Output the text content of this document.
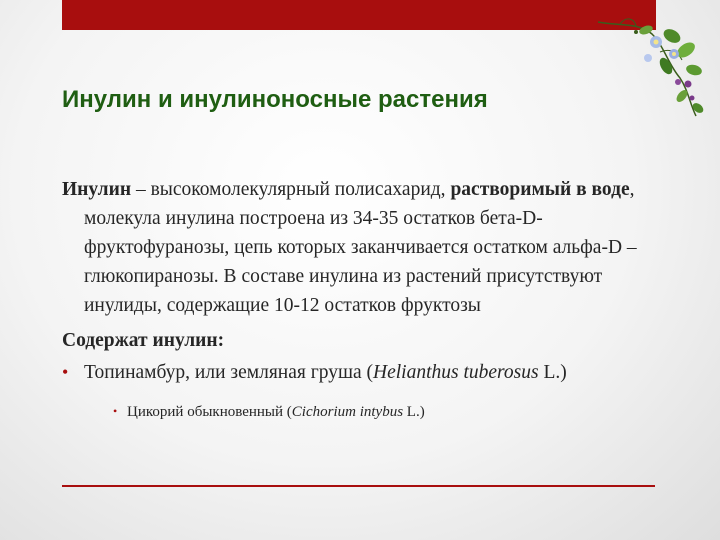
Инулин и инулиноносные растения

Инулин – высокомолекулярный полисахарид, растворимый в воде, молекула инулина построена из 34-35 остатков бета-D-фруктофуранозы, цепь которых заканчивается остатком альфа-D –глюкопиранозы. В составе инулина из растений присутствуют инулиды, содержащие 10-12 остатков фруктозы

Содержат инулин:

• Топинамбур, или земляная груша (Helianthus tuberosus L.)

• Цикорий обыкновенный (Cichorium intybus L.)
